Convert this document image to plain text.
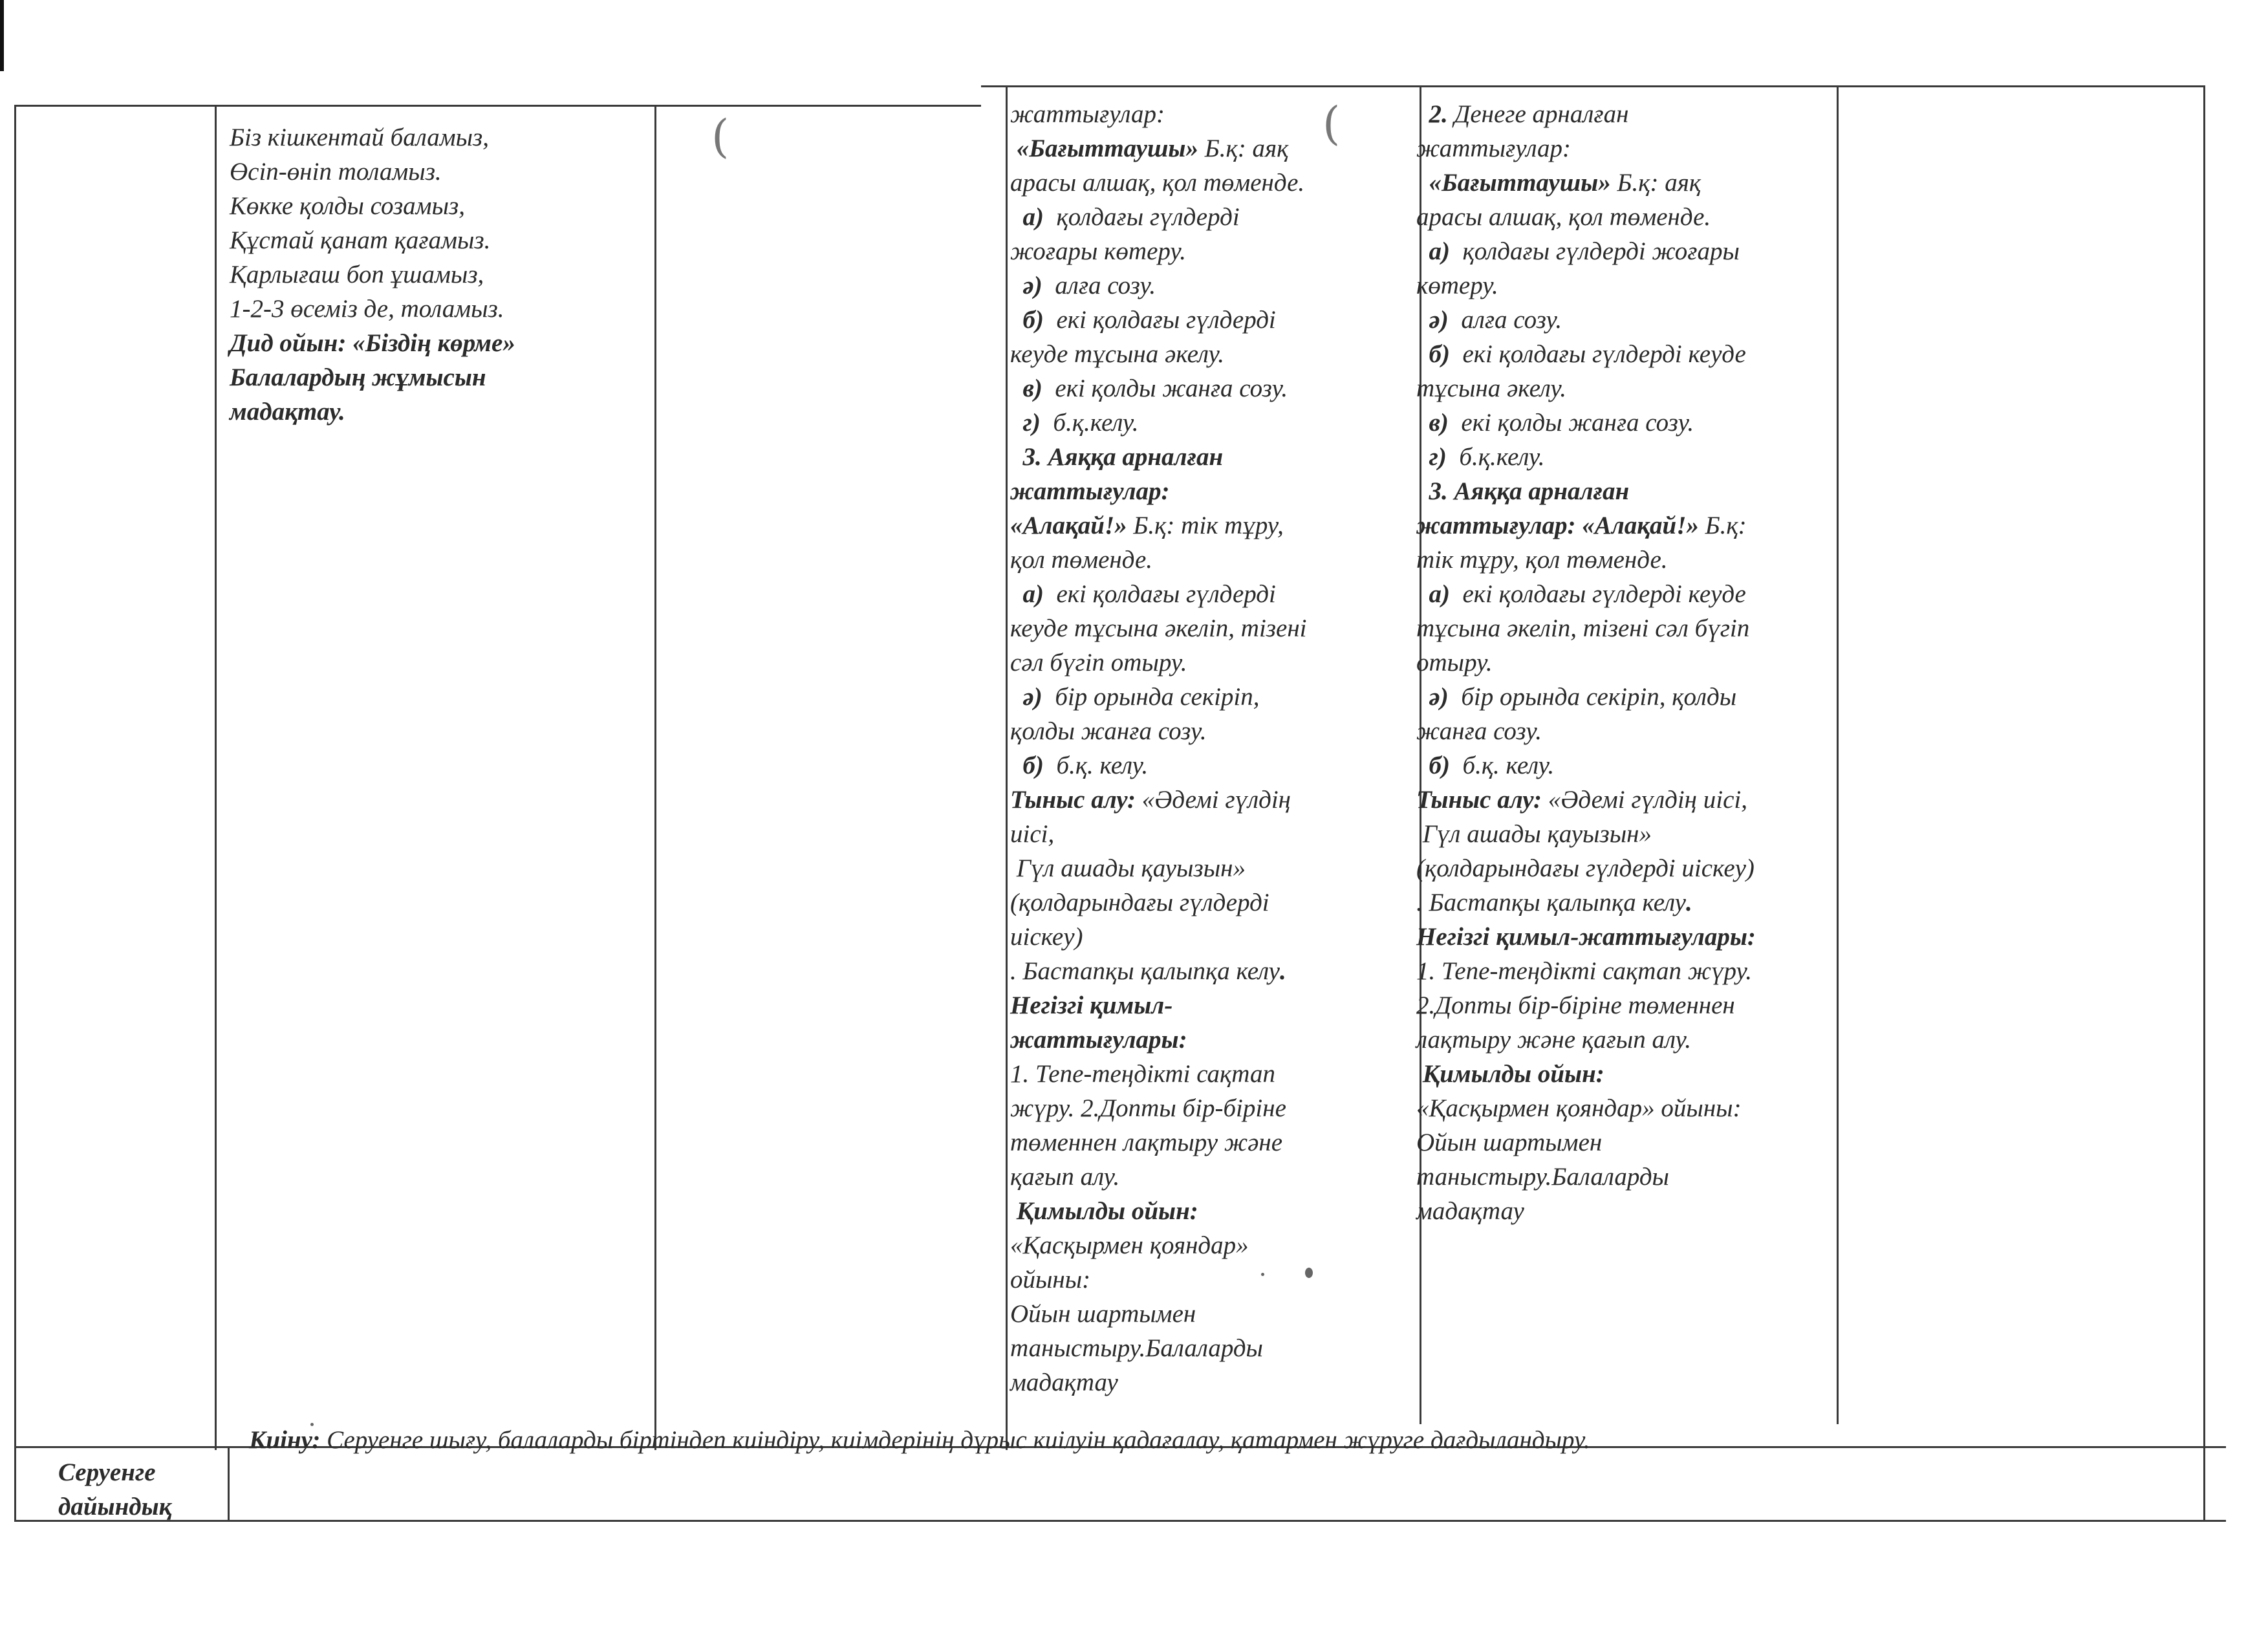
Біз кішкентай баламыз,
Өсіп-өніп толамыз.
Көкке қолды созамыз,
Құстай қанат қағамыз.
Қарлығаш боп ұшамыз,
1-2-3 өсеміз де, толамыз.
Дид ойын: «Біздің көрме»
Балалардың жұмысын
мадақтау.
жаттығулар:
«Бағыттаушы» Б.қ: аяқ
арасы алшақ, қол төменде.
а)  қолдағы гүлдерді
жоғары көтеру.
ә)  алға созу.
б)  екі қолдағы гүлдерді
кеуде тұсына әкелу.
в)  екі қолды жанға созу.
г)  б.қ.келу.
3. Аяққа арналған
жаттығулар:
«Алақай!» Б.қ: тік тұру,
қол төменде.
а)  екі қолдағы гүлдерді
кеуде тұсына әкеліп, тізені
сәл бүгіп отыру.
ә)  бір орында секіріп,
қолды жанға созу.
б)  б.қ. келу.
Тыныс алу: «Әдемі гүлдің
иісі,
Гүл ашады қауызын»
(қолдарындағы гүлдерді
иіскеу)
. Бастапқы қалыпқа келу.
Негізгі қимыл-
жаттығулары:
1. Тепе-теңдікті сақтап
жүру. 2.Допты бір-біріне
төменнен лақтыру және
қағып алу.
Қимылды ойын:
«Қасқырмен қояндар»
ойыны:
Ойын шартымен
таныстыру.Балаларды
мадақтау
2. Денеге арналған
жаттығулар:
«Бағыттаушы» Б.қ: аяқ
арасы алшақ, қол төменде.
а)  қолдағы гүлдерді жоғары
көтеру.
ә)  алға созу.
б)  екі қолдағы гүлдерді кеуде
тұсына әкелу.
в)  екі қолды жанға созу.
г)  б.қ.келу.
3. Аяққа арналған
жаттығулар: «Алақай!» Б.қ:
тік тұру, қол төменде.
а)  екі қолдағы гүлдерді кеуде
тұсына әкеліп, тізені сәл бүгіп
отыру.
ә)  бір орында секіріп, қолды
жанға созу.
б)  б.қ. келу.
Тыныс алу: «Әдемі гүлдің иісі,
Гүл ашады қауызын»
(қолдарындағы гүлдерді иіскеу)
. Бастапқы қалыпқа келу.
Негізгі қимыл-жаттығулары:
1. Тепе-теңдікті сақтап жүру.
2.Допты бір-біріне төменнен
лақтыру және қағып алу.
Қимылды ойын:
«Қасқырмен қояндар» ойыны:
Ойын шартымен
таныстыру.Балаларды
мадақтау
Серуенге
дайындық
Киіну: Серуенге шығу, балаларды біртіндеп киіндіру, киімдерінің дұрыс киілуін қадағалау, қатармен жүруге дағдыландыру.
(	(
